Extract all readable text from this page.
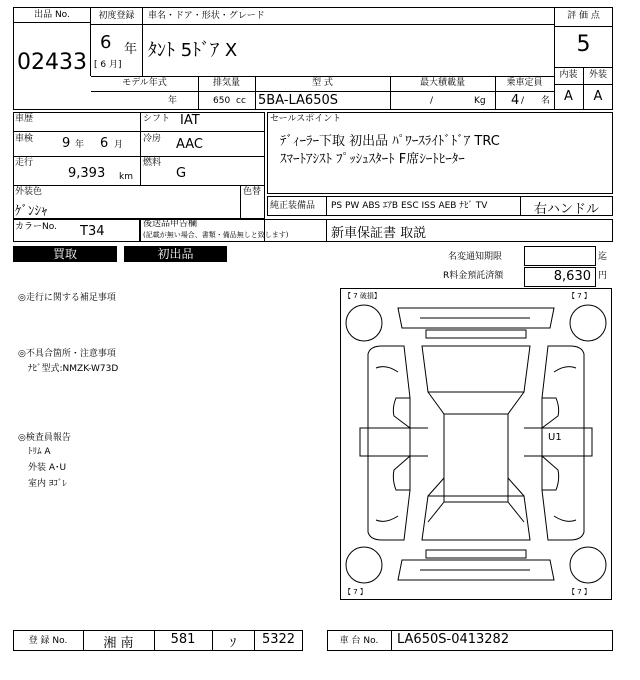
出品 No.
02433
初度登録
6 年
[ 6 月]
車名・ドア・形状・グレード
ﾀﾝﾄ 5ﾄﾞｱ X
評 価 点
5
内装	外装
A	A
モデル年式
年
排気量
650 cc
型 式
5BA-LA650S
最大積載量
/	Kg
乗車定員
4 / 名
車歴	シフト IAT
車検 9 年 6 月
冷房 AAC
走行
9,393 km
燃料
G
外装色
ｹﾞﾝｼｬ
色替
カラーNo. T34
セールスポイント
ﾃﾞｨｰﾗｰ下取 初出品 ﾊﾟﾜｰｽﾗｲﾄﾞﾄﾞｱ TRC
ｽﾏｰﾄｱｼｽﾄ ﾌﾟｯｼｭｽﾀｰﾄ F席ｼｰﾄﾋｰﾀｰ
純正装備品 PS PW ABS ｴｱB ESC ISS AEB ﾅﾋﾞ TV	右ハンドル
後送品申告欄
(記載が無い場合、書類・備品無しと致します)	新車保証書 取説
買取	初出品	名変通知期限	迄
R料金預託済額	8,630 円
◎走行に関する補足事項
◎不具合箇所・注意事項
ﾅﾋﾞ型式:NMZK-W73D
◎検査員報告
ﾄﾘﾑ A
外装 A･U
室内 ﾖｺﾞﾚ
【 7 破損】	【 7 】
【 7 】	【 7 】
U1
登 録 No.	湘 南	581	ｿ	5322	車 台 No.	LA650S-0413282
